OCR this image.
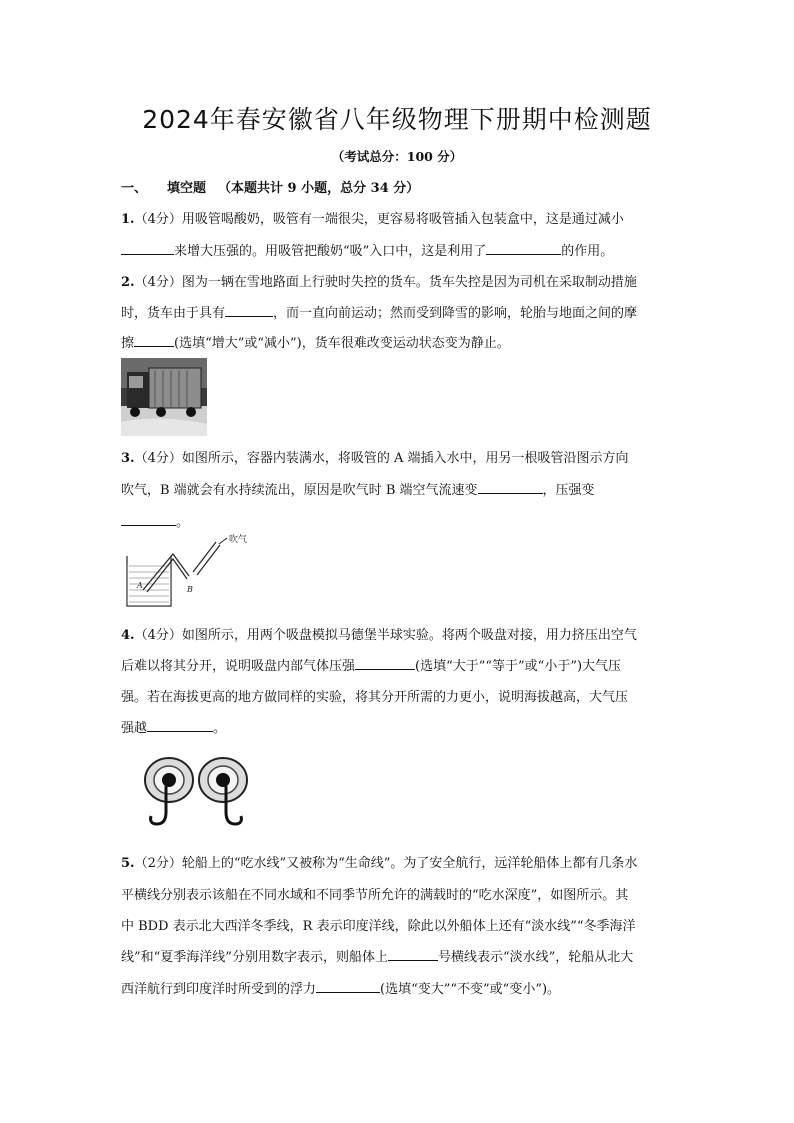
2024年春安徽省八年级物理下册期中检测题
（考试总分：100 分）
一、 填空题 （本题共计 9 小题，总分 34 分）
1.（4分）用吸管喝酸奶，吸管有一端很尖，更容易将吸管插入包装盒中，这是通过减小
来增大压强的。用吸管把酸奶“吸”入口中，这是利用了	的作用。
2.（4分）图为一辆在雪地路面上行驶时失控的货车。货车失控是因为司机在采取制动措施
时，货车由于具有	，而一直向前运动；然而受到降雪的影响，轮胎与地面之间的摩
擦	(选填“增大”或“减小”)，货车很难改变运动状态变为静止。
3.（4分）如图所示，容器内装满水，将吸管的 A 端插入水中，用另一根吸管沿图示方向
吹气，B 端就会有水持续流出，原因是吹气时 B 端空气流速变	，压强变
。
吹气
A	B
4.（4分）如图所示，用两个吸盘模拟马德堡半球实验。将两个吸盘对接，用力挤压出空气
后难以将其分开，说明吸盘内部气体压强	(选填“大于”“等于”或“小于”)大气压
强。若在海拔更高的地方做同样的实验，将其分开所需的力更小，说明海拔越高，大气压
强越	。
5.（2分）轮船上的“吃水线”又被称为“生命线”。为了安全航行，远洋轮船体上都有几条水
平横线分别表示该船在不同水域和不同季节所允许的满载时的“吃水深度”，如图所示。其
中 BDD 表示北大西洋冬季线，R 表示印度洋线，除此以外船体上还有“淡水线”“冬季海洋
线”和“夏季海洋线”分别用数字表示，则船体上	号横线表示“淡水线”，轮船从北大
西洋航行到印度洋时所受到的浮力	(选填“变大”“不变”或“变小”)。
